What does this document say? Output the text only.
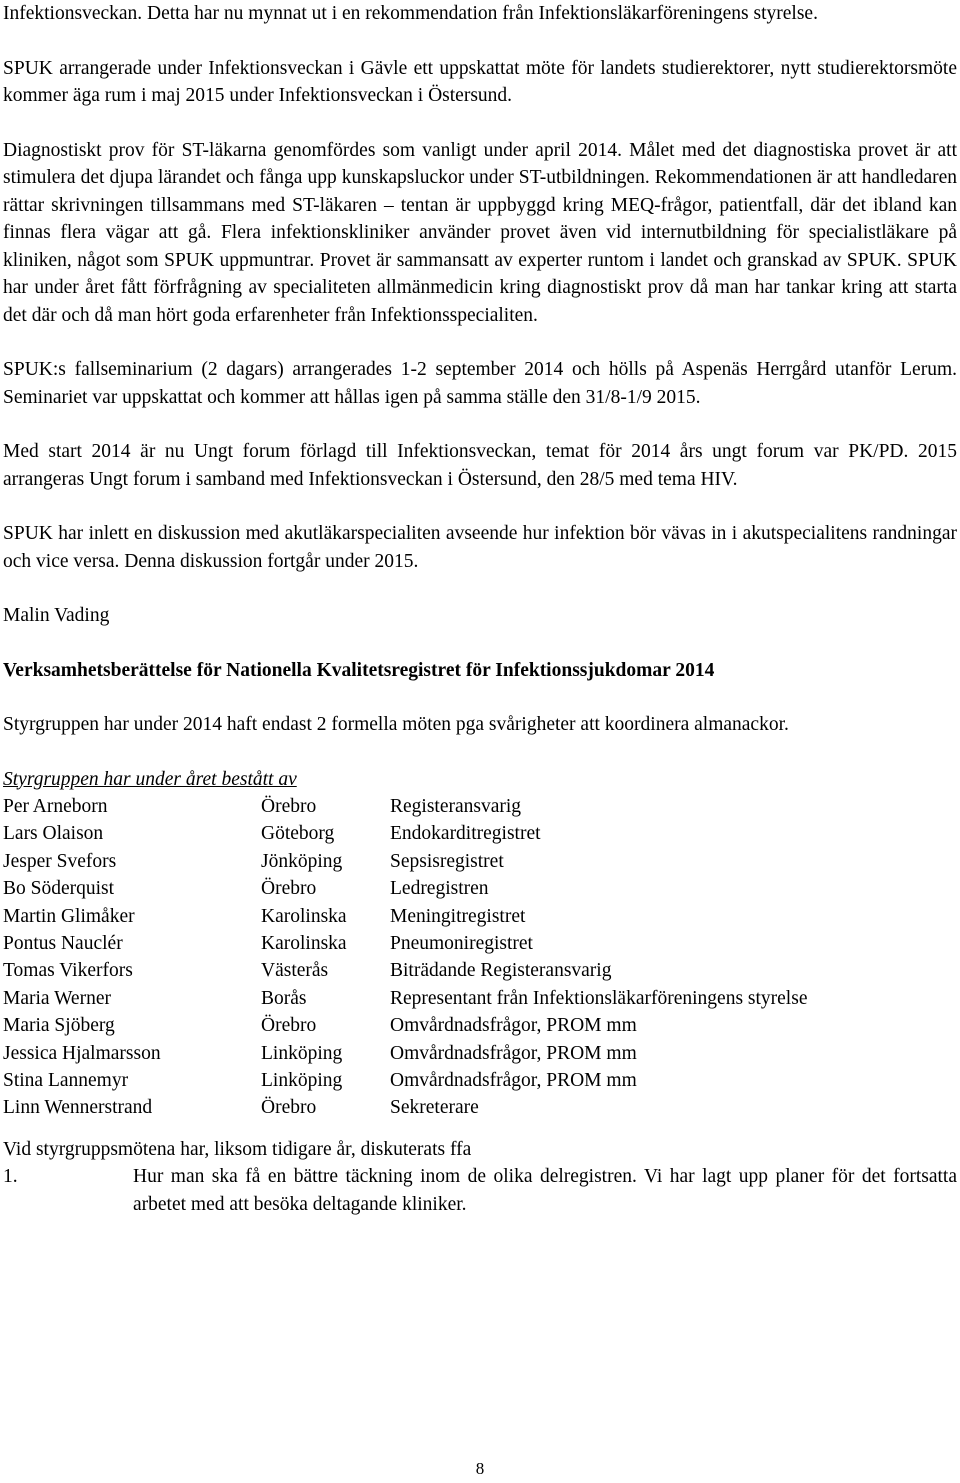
Infektionsveckan. Detta har nu mynnat ut i en rekommendation från Infektionsläkarföreningens styrelse.

SPUK arrangerade under Infektionsveckan i Gävle ett uppskattat möte för landets studierektorer, nytt studierektorsmöte kommer äga rum i maj 2015 under Infektionsveckan i Östersund.

Diagnostiskt prov för ST-läkarna genomfördes som vanligt under april 2014. Målet med det diagnostiska provet är att stimulera det djupa lärandet och fånga upp kunskapsluckor under ST-utbildningen. Rekommendationen är att handledaren rättar skrivningen tillsammans med ST-läkaren – tentan är uppbyggd kring MEQ-frågor, patientfall, där det ibland kan finnas flera vägar att gå. Flera infektionskliniker använder provet även vid internutbildning för specialistläkare på kliniken, något som SPUK uppmuntrar. Provet är sammansatt av experter runtom i landet och granskad av SPUK. SPUK har under året fått förfrågning av specialiteten allmänmedicin kring diagnostiskt prov då man har tankar kring att starta det där och då man hört goda erfarenheter från Infektionsspecialiten.

SPUK:s fallseminarium (2 dagars) arrangerades 1-2 september 2014 och hölls på Aspenäs Herrgård utanför Lerum. Seminariet var uppskattat och kommer att hållas igen på samma ställe den 31/8-1/9 2015.

Med start 2014 är nu Ungt forum förlagd till Infektionsveckan, temat för 2014 års ungt forum var PK/PD. 2015 arrangeras Ungt forum i samband med Infektionsveckan i Östersund, den 28/5 med tema HIV.

SPUK har inlett en diskussion med akutläkarspecialiten avseende hur infektion bör vävas in i akutspecialitens randningar och vice versa. Denna diskussion fortgår under 2015.

Malin Vading

Verksamhetsberättelse för Nationella Kvalitetsregistret för Infektionssjukdomar 2014

Styrgruppen har under 2014 haft endast 2 formella möten pga svårigheter att koordinera almanackor.

Styrgruppen har under året bestått av

Per Arneborn	Örebro	Registeransvarig
Lars Olaison	Göteborg	Endokarditregistret
Jesper Svefors	Jönköping	Sepsisregistret
Bo Söderquist	Örebro	Ledregistren
Martin Glimåker	Karolinska	Meningitregistret
Pontus Nauclér	Karolinska	Pneumoniregistret
Tomas Vikerfors	Västerås	Biträdande Registeransvarig
Maria Werner	Borås	Representant från Infektionsläkarföreningens styrelse
Maria Sjöberg	Örebro	Omvårdnadsfrågor, PROM mm
Jessica Hjalmarsson	Linköping	Omvårdnadsfrågor, PROM mm
Stina Lannemyr	Linköping	Omvårdnadsfrågor, PROM mm
Linn Wennerstrand	Örebro	Sekreterare

Vid styrgruppsmötena har, liksom tidigare år, diskuterats ffa

1.	Hur man ska få en bättre täckning inom de olika delregistren. Vi har lagt upp planer för det fortsatta arbetet med att besöka deltagande kliniker.

8
